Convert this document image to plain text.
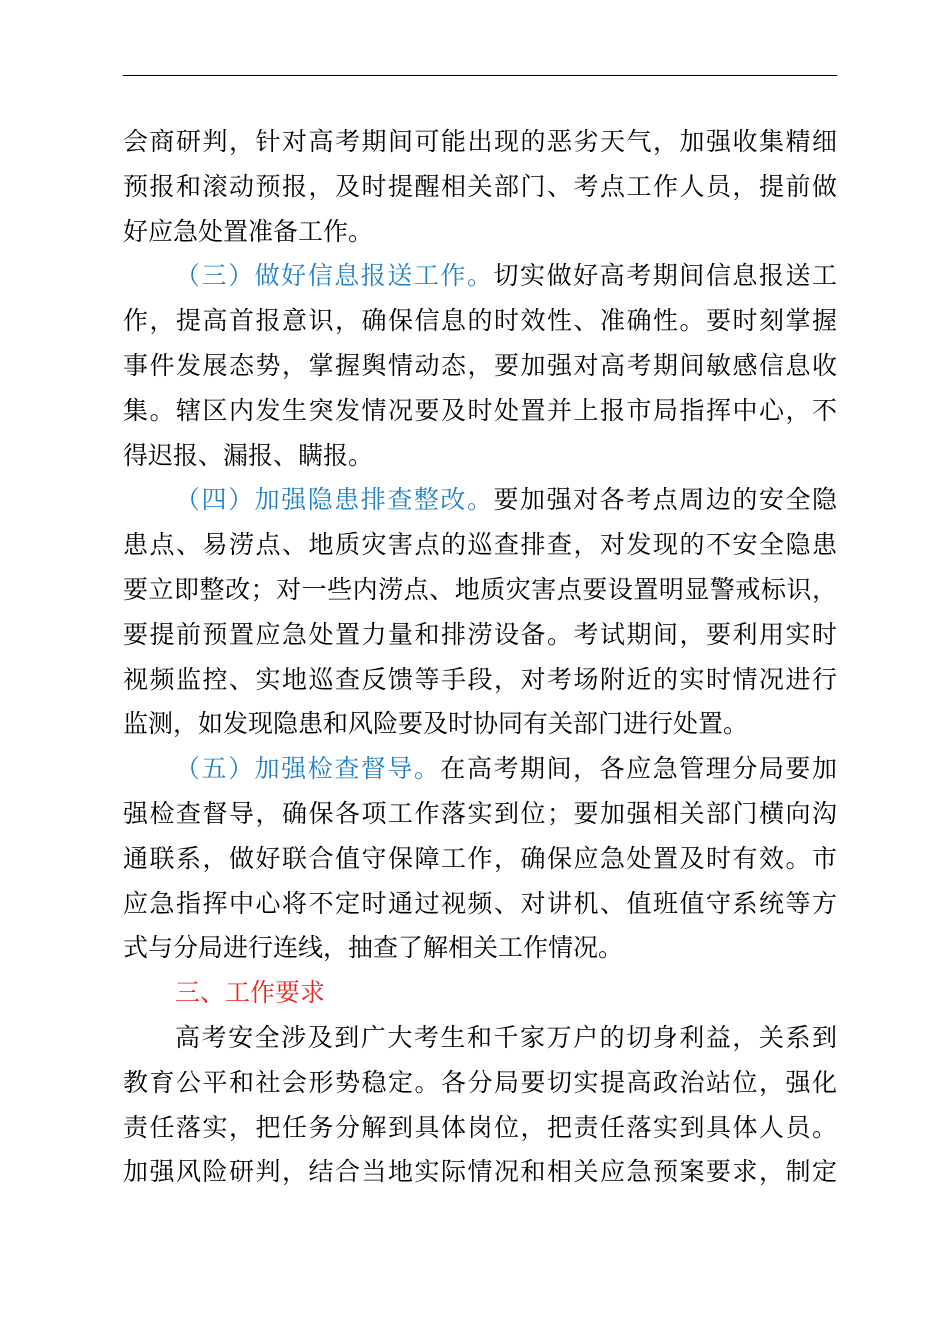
会商研判，针对高考期间可能出现的恶劣天气，加强收集精细
预报和滚动预报，及时提醒相关部门、考点工作人员，提前做
好应急处置准备工作。
（三）做好信息报送工作。切实做好高考期间信息报送工
作，提高首报意识，确保信息的时效性、准确性。要时刻掌握
事件发展态势，掌握舆情动态，要加强对高考期间敏感信息收
集。辖区内发生突发情况要及时处置并上报市局指挥中心，不
得迟报、漏报、瞒报。
（四）加强隐患排查整改。要加强对各考点周边的安全隐
患点、易涝点、地质灾害点的巡查排查，对发现的不安全隐患
要立即整改；对一些内涝点、地质灾害点要设置明显警戒标识，
要提前预置应急处置力量和排涝设备。考试期间，要利用实时
视频监控、实地巡查反馈等手段，对考场附近的实时情况进行
监测，如发现隐患和风险要及时协同有关部门进行处置。
（五）加强检查督导。在高考期间，各应急管理分局要加
强检查督导，确保各项工作落实到位；要加强相关部门横向沟
通联系，做好联合值守保障工作，确保应急处置及时有效。市
应急指挥中心将不定时通过视频、对讲机、值班值守系统等方
式与分局进行连线，抽查了解相关工作情况。
三、工作要求
高考安全涉及到广大考生和千家万户的切身利益，关系到
教育公平和社会形势稳定。各分局要切实提高政治站位，强化
责任落实，把任务分解到具体岗位，把责任落实到具体人员。
加强风险研判，结合当地实际情况和相关应急预案要求，制定
